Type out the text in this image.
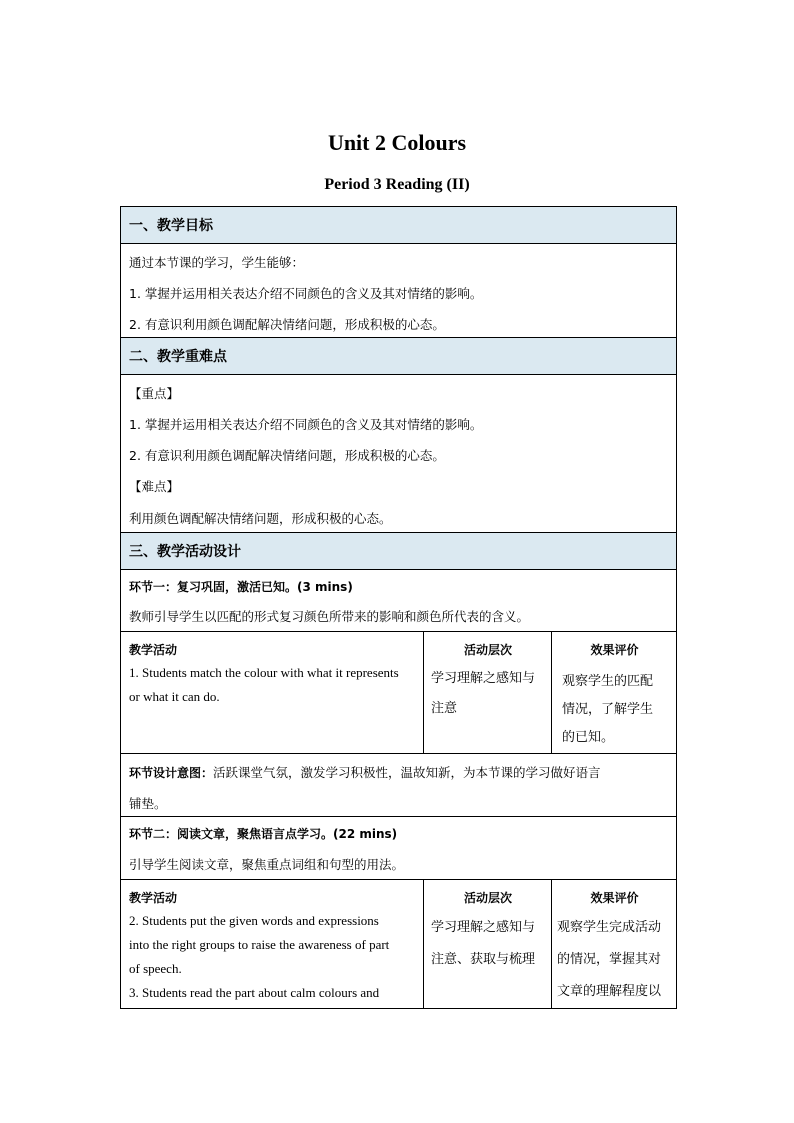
Unit 2 Colours
Period 3 Reading (II)
一、教学目标
通过本节课的学习，学生能够：
1. 掌握并运用相关表达介绍不同颜色的含义及其对情绪的影响。
2. 有意识利用颜色调配解决情绪问题，形成积极的心态。
二、教学重难点
【重点】
1. 掌握并运用相关表达介绍不同颜色的含义及其对情绪的影响。
2. 有意识利用颜色调配解决情绪问题，形成积极的心态。
【难点】
利用颜色调配解决情绪问题，形成积极的心态。
三、教学活动设计
环节一：复习巩固，激活已知。(3 mins)
教师引导学生以匹配的形式复习颜色所带来的影响和颜色所代表的含义。
教学活动
1. Students match the colour with what it represents
or what it can do.
活动层次
学习理解之感知与
注意
效果评价
观察学生的匹配
情况，了解学生
的已知。
环节设计意图：活跃课堂气氛，激发学习积极性，温故知新，为本节课的学习做好语言
铺垫。
环节二：阅读文章，聚焦语言点学习。(22 mins)
引导学生阅读文章，聚焦重点词组和句型的用法。
教学活动
2. Students put the given words and expressions
into the right groups to raise the awareness of part
of speech.
3. Students read the part about calm colours and
活动层次
学习理解之感知与
注意、获取与梳理
效果评价
观察学生完成活动
的情况，掌握其对
文章的理解程度以
